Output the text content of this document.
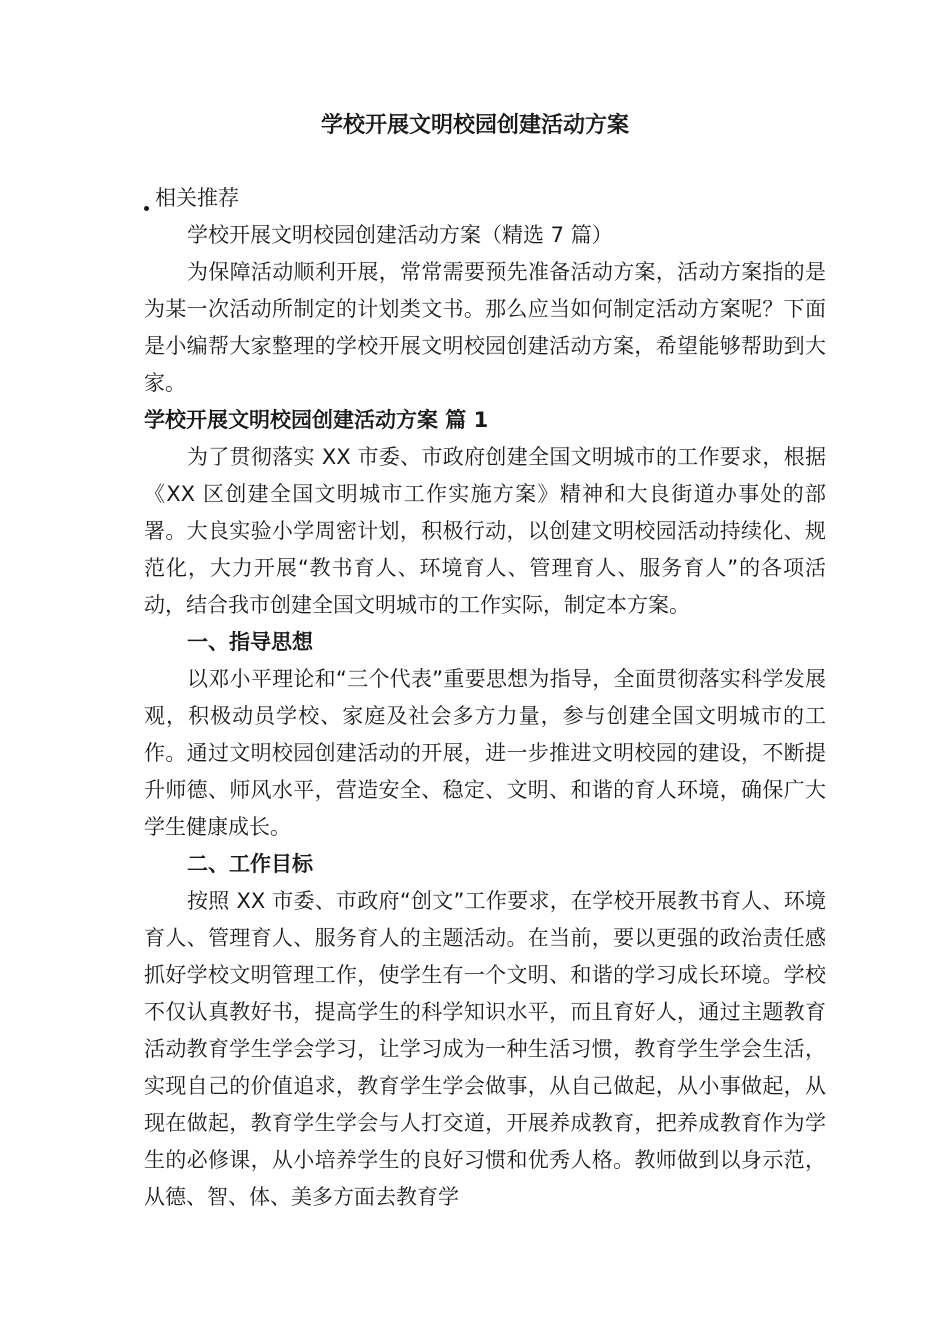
学校开展文明校园创建活动方案

相关推荐

学校开展文明校园创建活动方案（精选 7 篇）

为保障活动顺利开展，常常需要预先准备活动方案，活动方案指的是为某一次活动所制定的计划类文书。那么应当如何制定活动方案呢？下面是小编帮大家整理的学校开展文明校园创建活动方案，希望能够帮助到大家。

学校开展文明校园创建活动方案 篇 1

为了贯彻落实 XX 市委、市政府创建全国文明城市的工作要求，根据《XX 区创建全国文明城市工作实施方案》精神和大良街道办事处的部署。大良实验小学周密计划，积极行动，以创建文明校园活动持续化、规范化，大力开展“教书育人、环境育人、管理育人、服务育人”的各项活动，结合我市创建全国文明城市的工作实际，制定本方案。

一、指导思想

以邓小平理论和“三个代表”重要思想为指导，全面贯彻落实科学发展观，积极动员学校、家庭及社会多方力量，参与创建全国文明城市的工作。通过文明校园创建活动的开展，进一步推进文明校园的建设，不断提升师德、师风水平，营造安全、稳定、文明、和谐的育人环境，确保广大学生健康成长。

二、工作目标

按照 XX 市委、市政府“创文”工作要求，在学校开展教书育人、环境育人、管理育人、服务育人的主题活动。在当前，要以更强的政治责任感抓好学校文明管理工作，使学生有一个文明、和谐的学习成长环境。学校不仅认真教好书，提高学生的科学知识水平，而且育好人，通过主题教育活动教育学生学会学习，让学习成为一种生活习惯，教育学生学会生活，实现自己的价值追求，教育学生学会做事，从自己做起，从小事做起，从现在做起，教育学生学会与人打交道，开展养成教育，把养成教育作为学生的必修课，从小培养学生的良好习惯和优秀人格。教师做到以身示范，从德、智、体、美多方面去教育学
